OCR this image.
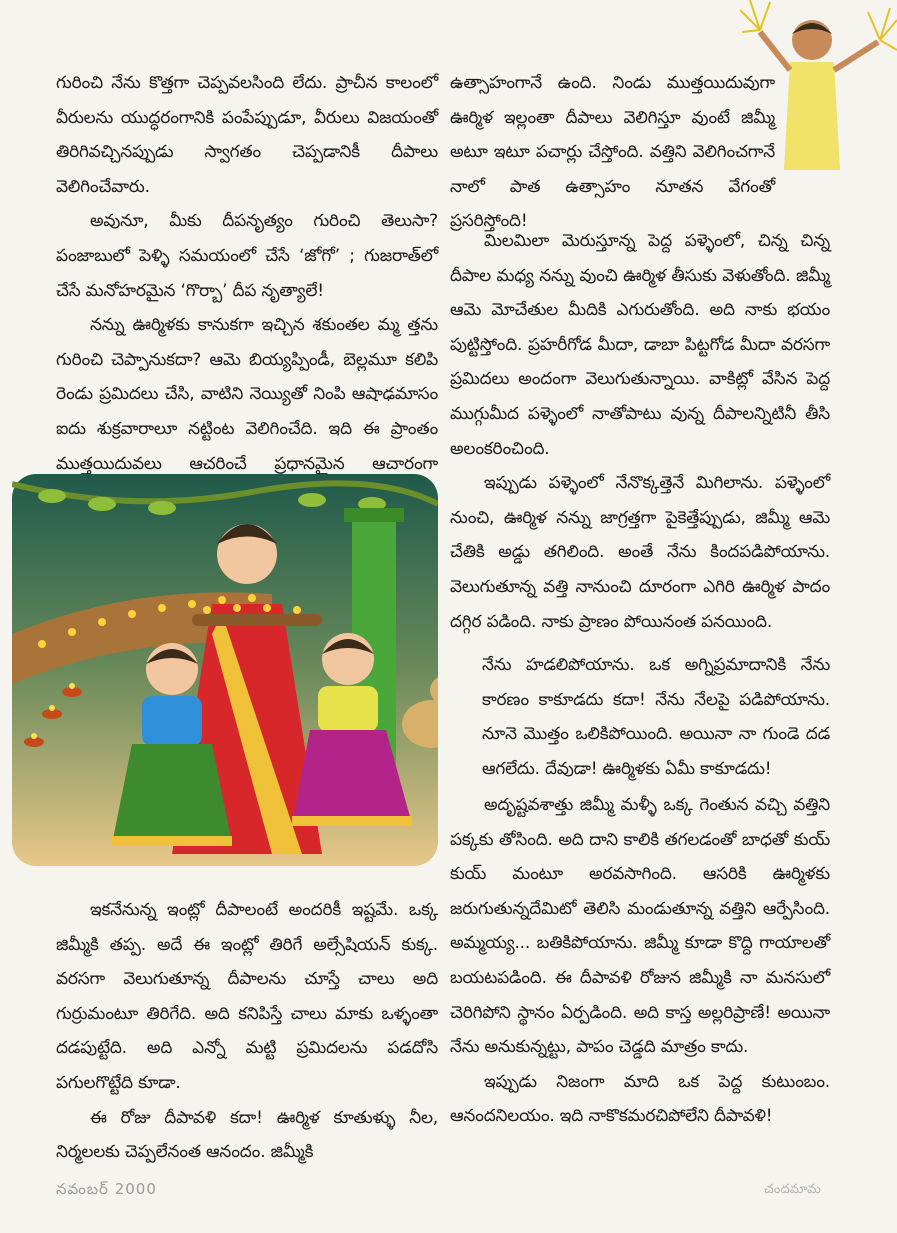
గురించి నేను కొత్తగా చెప్పవలసింది లేదు. ప్రాచీన కాలంలో వీరులను యుద్ధరంగానికి పంపేప్పుడూ, వీరులు విజయంతో తిరిగివచ్చినప్పుడు స్వాగతం చెప్పడానికీ దీపాలు వెలిగించేవారు.

అవునూ, మీకు దీపనృత్యం గురించి తెలుసా? పంజాబులో పెళ్ళి సమయంలో చేసే ‘జోగో’ ; గుజరాత్‌లో చేసే మనోహరమైన ‘గొర్బా’ దీప నృత్యాలే!

నన్ను ఊర్మిళకు కానుకగా ఇచ్చిన శకుంతల మ్మ త్తను గురించి చెప్పానుకదా? ఆమె బియ్యప్పిండీ, బెల్లమూ కలిపి రెండు ప్రమిదలు చేసి, వాటిని నెయ్యితో నింపి ఆషాఢమాసం ఐదు శుక్రవారాలూ నట్టింట వెలిగించేది. ఇది ఈ ప్రాంతం ముత్తయిదువలు ఆచరించే ప్రధానమైన ఆచారంగా

ఇకనేనున్న ఇంట్లో దీపాలంటే అందరికీ ఇష్టమే. ఒక్క జిమ్మీకి తప్ప. అదే ఈ ఇంట్లో తిరిగే అల్సేషియన్ కుక్క. వరసగా వెలుగుతూన్న దీపాలను చూస్తే చాలు అది గుర్రుమంటూ తిరిగేది. అది కనిపిస్తే చాలు మాకు ఒళ్ళంతా దడపుట్టేది. అది ఎన్నో మట్టి ప్రమిదలను పడదోసి పగులగొట్టేది కూడా.

ఈ రోజు దీపావళి కదా! ఊర్మిళ కూతుళ్ళు నీల, నిర్మలలకు చెప్పలేనంత ఆనందం. జిమ్మీకి

ఉత్సాహంగానే ఉంది. నిండు ముత్తయిదువుగా ఊర్మిళ ఇల్లంతా దీపాలు వెలిగిస్తూ వుంటే జిమ్మీ అటూ ఇటూ పచార్లు చేస్తోంది. వత్తిని వెలిగించగానే నాలో పాత ఉత్సాహం నూతన వేగంతో ప్రసరిస్తోంది!

మిలమిలా మెరుస్తూన్న పెద్ద పళ్ళెంలో, చిన్న చిన్న దీపాల మధ్య నన్ను వుంచి ఊర్మిళ తీసుకు వెళుతోంది. జిమ్మీ ఆమె మోచేతుల మీదికి ఎగురుతోంది. అది నాకు భయం పుట్టిస్తోంది. ప్రహరీగోడ మీదా, డాబా పిట్టగోడ మీదా వరసగా ప్రమిదలు అందంగా వెలుగుతున్నాయి. వాకిట్లో వేసిన పెద్ద ముగ్గుమీద పళ్ళెంలో నాతోపాటు వున్న దీపాలన్నిటినీ తీసి అలంకరించింది.

ఇప్పుడు పళ్ళెంలో నేనొక్కత్తెనే మిగిలాను. పళ్ళెంలో నుంచి, ఊర్మిళ నన్ను జాగ్రత్తగా పైకెత్తేప్పుడు, జిమ్మీ ఆమె చేతికి అడ్డు తగిలింది. అంతే నేను కిందపడిపోయాను. వెలుగుతూన్న వత్తి నానుంచి దూరంగా ఎగిరి ఊర్మిళ పాదం దగ్గిర పడింది. నాకు ప్రాణం పోయినంత పనయింది.

నేను హడలిపోయాను. ఒక అగ్నిప్రమాదానికి నేను కారణం కాకూడదు కదా! నేను నేలపై పడిపోయాను. నూనె మొత్తం ఒలికిపోయింది. అయినా నా గుండె దడ ఆగలేదు. దేవుడా! ఊర్మిళకు ఏమీ కాకూడదు!

అదృష్టవశాత్తు జిమ్మీ మళ్ళీ ఒక్క గెంతున వచ్చి వత్తిని పక్కకు తోసింది. అది దాని కాలికి తగలడంతో బాధతో కుయ్ కుయ్ మంటూ అరవసాగింది. ఆసరికి ఊర్మిళకు జరుగుతున్నదేమిటో తెలిసి మండుతూన్న వత్తిని ఆర్పేసింది. అమ్మయ్య... బతికిపోయాను. జిమ్మీ కూడా కొద్ది గాయాలతో బయటపడింది. ఈ దీపావళి రోజున జిమ్మీకి నా మనసులో చెరిగిపోని స్థానం ఏర్పడింది. అది కాస్త అల్లరిప్రాణే! అయినా నేను అనుకున్నట్టు, పాపం చెడ్డది మాత్రం కాదు.

ఇప్పుడు నిజంగా మాది ఒక పెద్ద కుటుంబం. ఆనందనిలయం. ఇది నాకొకమరచిపోలేని దీపావళి!

నవంబర్ 2000	చందమామ
